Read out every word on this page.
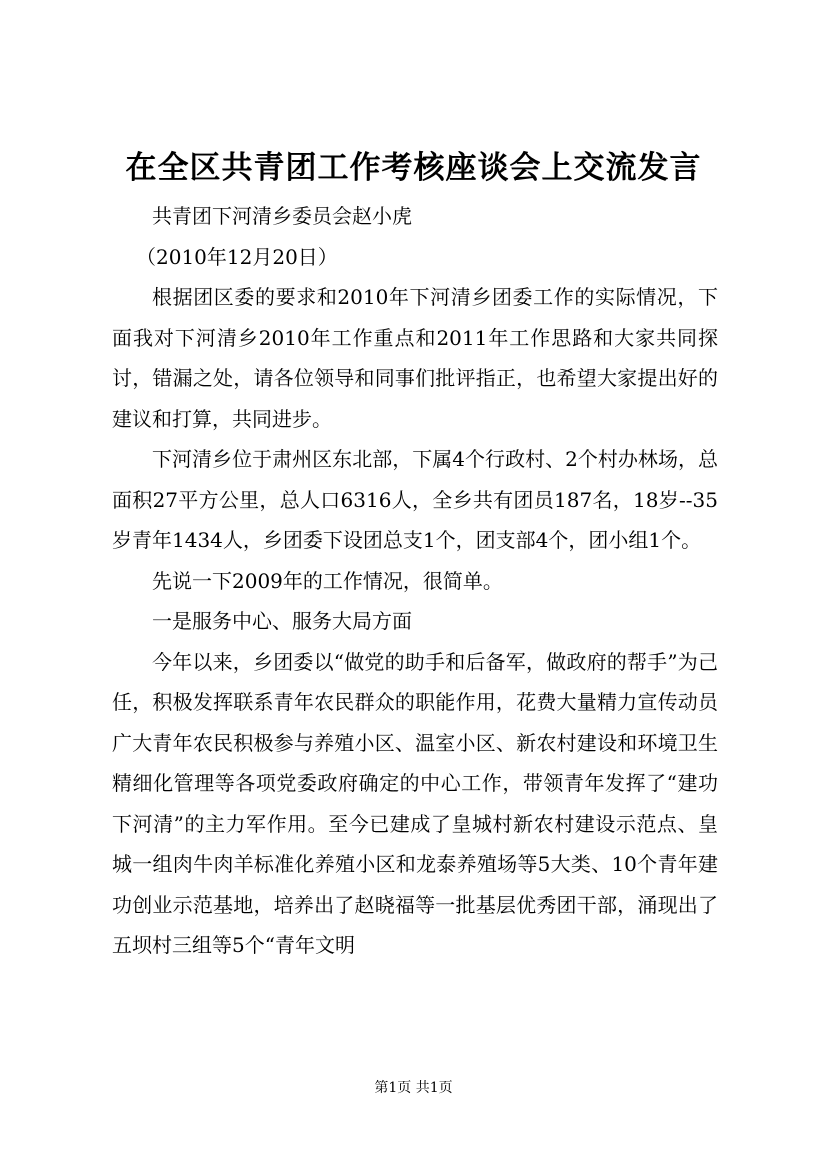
在全区共青团工作考核座谈会上交流发言

共青团下河清乡委员会赵小虎

（2010年12月20日）

根据团区委的要求和2010年下河清乡团委工作的实际情况，下面我对下河清乡2010年工作重点和2011年工作思路和大家共同探讨，错漏之处，请各位领导和同事们批评指正，也希望大家提出好的建议和打算，共同进步。

下河清乡位于肃州区东北部，下属4个行政村、2个村办林场，总面积27平方公里，总人口6316人，全乡共有团员187名，18岁--35岁青年1434人，乡团委下设团总支1个，团支部4个，团小组1个。

先说一下2009年的工作情况，很简单。

一是服务中心、服务大局方面

今年以来，乡团委以“做党的助手和后备军，做政府的帮手”为己任，积极发挥联系青年农民群众的职能作用，花费大量精力宣传动员广大青年农民积极参与养殖小区、温室小区、新农村建设和环境卫生精细化管理等各项党委政府确定的中心工作，带领青年发挥了“建功下河清”的主力军作用。至今已建成了皇城村新农村建设示范点、皇城一组肉牛肉羊标准化养殖小区和龙泰养殖场等5大类、10个青年建功创业示范基地，培养出了赵晓福等一批基层优秀团干部，涌现出了五坝村三组等5个“青年文明

第1页 共1页
